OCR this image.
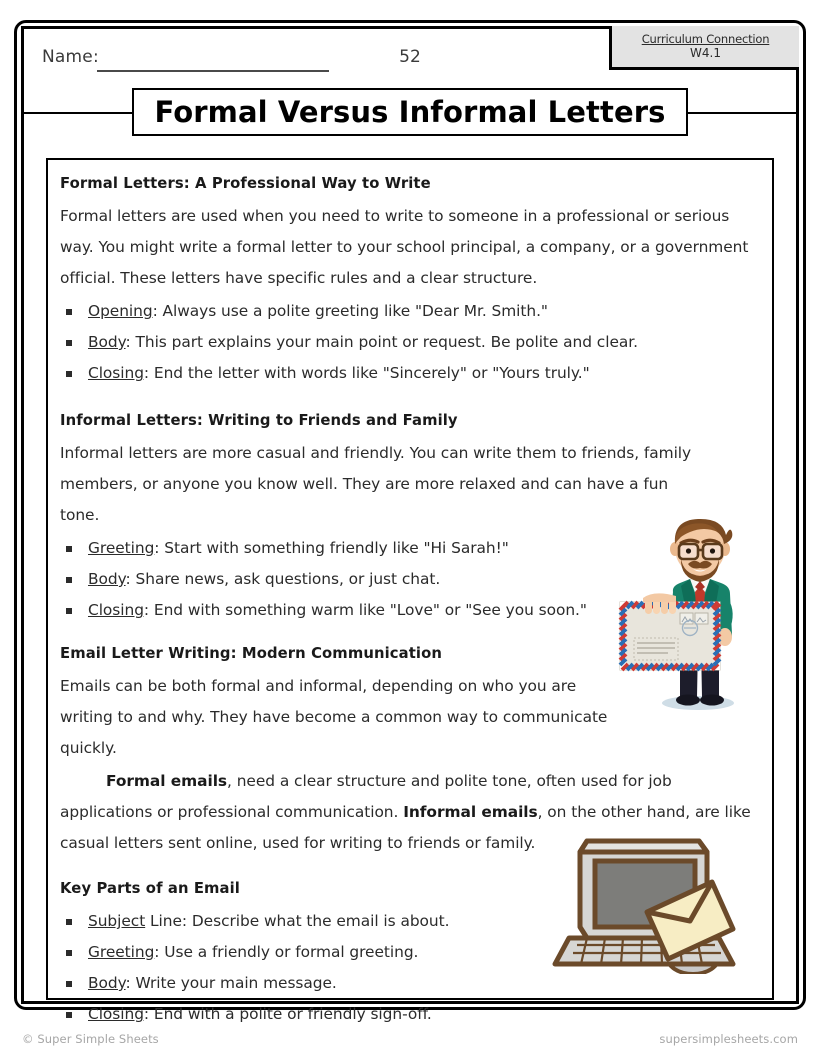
Name:	52
Curriculum Connection
W4.1
Formal Versus Informal Letters
Formal Letters: A Professional Way to Write

Formal letters are used when you need to write to someone in a professional or serious way. You might write a formal letter to your school principal, a company, or a government official. These letters have specific rules and a clear structure.

Opening: Always use a polite greeting like "Dear Mr. Smith."
Body: This part explains your main point or request. Be polite and clear.
Closing: End the letter with words like "Sincerely" or "Yours truly."
Informal Letters: Writing to Friends and Family

Informal letters are more casual and friendly. You can write them to friends, family members, or anyone you know well. They are more relaxed and can have a fun tone.

Greeting: Start with something friendly like "Hi Sarah!"
Body: Share news, ask questions, or just chat.
Closing: End with something warm like "Love" or "See you soon."
Email Letter Writing: Modern Communication

Emails can be both formal and informal, depending on who you are writing to and why. They have become a common way to communicate quickly.

Formal emails, need a clear structure and polite tone, often used for job applications or professional communication. Informal emails, on the other hand, are like casual letters sent online, used for writing to friends or family.

Key Parts of an Email
Subject Line: Describe what the email is about.
Greeting: Use a friendly or formal greeting.
Body: Write your main message.
Closing: End with a polite or friendly sign-off.
© Super Simple Sheets	supersimplesheets.com
